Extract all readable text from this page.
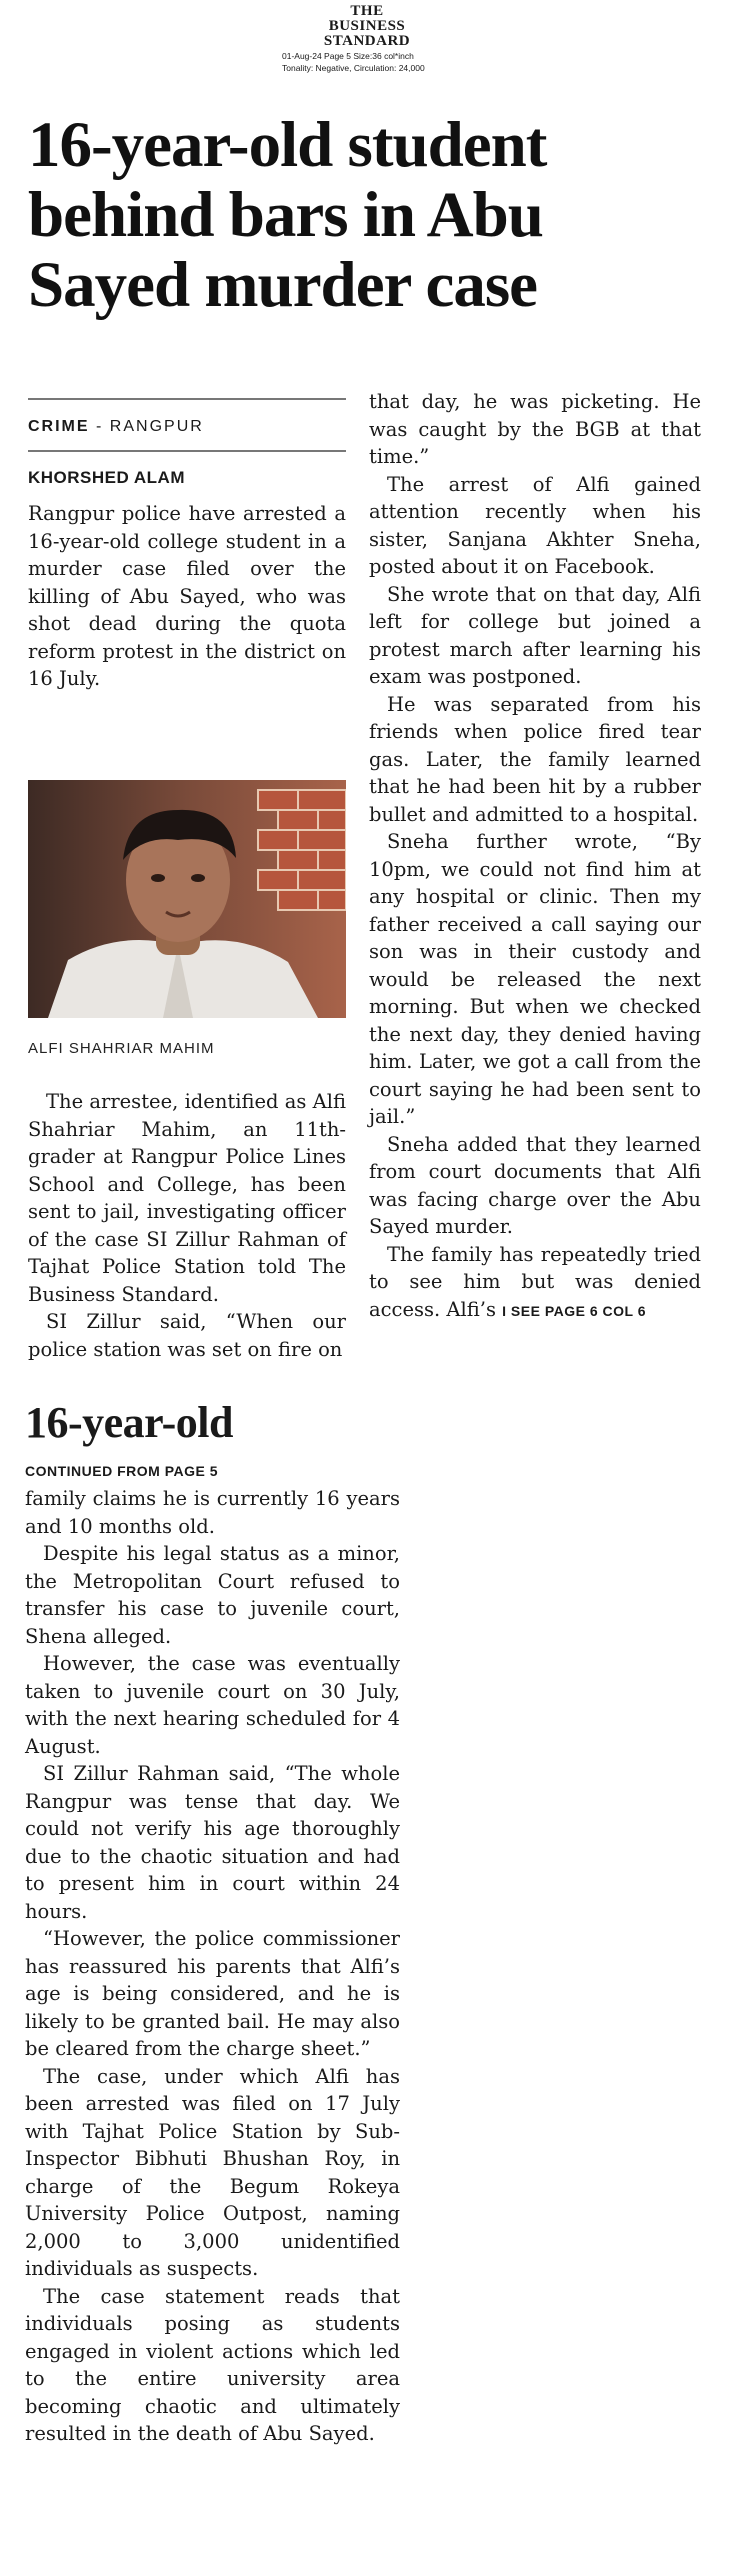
THE
BUSINESS
STANDARD
01-Aug-24 Page 5 Size:36 col*inch
Tonality: Negative, Circulation: 24,000
16-year-old student
behind bars in Abu
Sayed murder case
CRIME - RANGPUR
KHORSHED ALAM

Rangpur police have arrested a 16-year-old college student in a murder case filed over the killing of Abu Sayed, who was shot dead during the quota reform protest in the district on 16 July.

ALFI SHAHRIAR MAHIM

The arrestee, identified as Alfi Shahriar Mahim, an 11th-grader at Rangpur Police Lines School and College, has been sent to jail, investigating officer of the case SI Zillur Rahman of Tajhat Police Station told The Business Standard.

SI Zillur said, “When our police station was set on fire on

that day, he was picketing. He was caught by the BGB at that time.”

The arrest of Alfi gained attention recently when his sister, Sanjana Akhter Sneha, posted about it on Facebook.

She wrote that on that day, Alfi left for college but joined a protest march after learning his exam was postponed.

He was separated from his friends when police fired tear gas. Later, the family learned that he had been hit by a rubber bullet and admitted to a hospital.

Sneha further wrote, “By 10pm, we could not find him at any hospital or clinic. Then my father received a call saying our son was in their custody and would be released the next morning. But when we checked the next day, they denied having him. Later, we got a call from the court saying he had been sent to jail.”

Sneha added that they learned from court documents that Alfi was facing charge over the Abu Sayed murder.

The family has repeatedly tried to see him but was denied access. Alfi’s I SEE PAGE 6 COL 6

16-year-old
CONTINUED FROM PAGE 5

family claims he is currently 16 years and 10 months old.

Despite his legal status as a minor, the Metropolitan Court refused to transfer his case to juvenile court, Shena alleged.

However, the case was eventually taken to juvenile court on 30 July, with the next hearing scheduled for 4 August.

SI Zillur Rahman said, “The whole Rangpur was tense that day. We could not verify his age thoroughly due to the chaotic situation and had to present him in court within 24 hours.

“However, the police commissioner has reassured his parents that Alfi’s age is being considered, and he is likely to be granted bail. He may also be cleared from the charge sheet.”

The case, under which Alfi has been arrested was filed on 17 July with Tajhat Police Station by Sub-Inspector Bibhuti Bhushan Roy, in charge of the Begum Rokeya University Police Outpost, naming 2,000 to 3,000 unidentified individuals as suspects.

The case statement reads that individuals posing as students engaged in violent actions which led to the entire university area becoming chaotic and ultimately resulted in the death of Abu Sayed.
